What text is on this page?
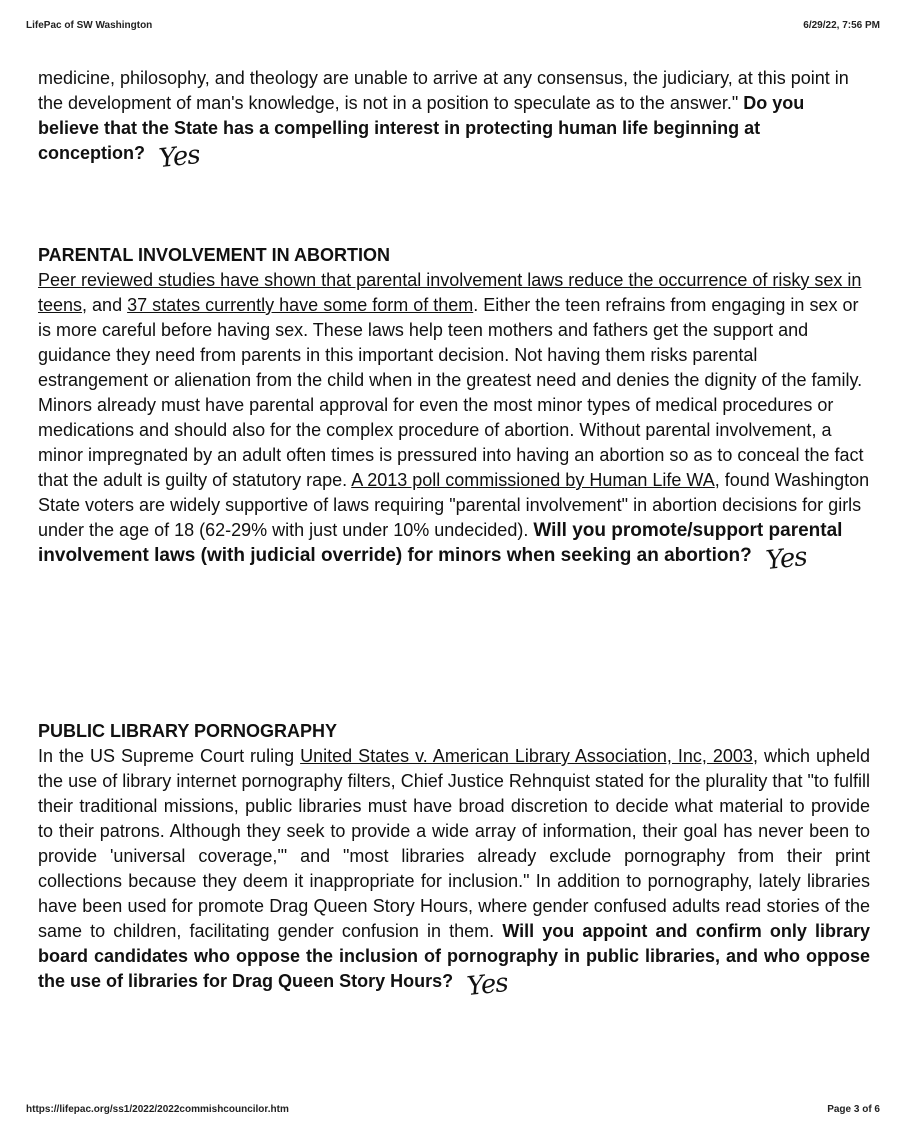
LifePac of SW Washington	6/29/22, 7:56 PM
medicine, philosophy, and theology are unable to arrive at any consensus, the judiciary, at this point in the development of man's knowledge, is not in a position to speculate as to the answer." Do you believe that the State has a compelling interest in protecting human life beginning at conception? Yes
PARENTAL INVOLVEMENT IN ABORTION
Peer reviewed studies have shown that parental involvement laws reduce the occurrence of risky sex in teens, and 37 states currently have some form of them. Either the teen refrains from engaging in sex or is more careful before having sex. These laws help teen mothers and fathers get the support and guidance they need from parents in this important decision. Not having them risks parental estrangement or alienation from the child when in the greatest need and denies the dignity of the family. Minors already must have parental approval for even the most minor types of medical procedures or medications and should also for the complex procedure of abortion. Without parental involvement, a minor impregnated by an adult often times is pressured into having an abortion so as to conceal the fact that the adult is guilty of statutory rape. A 2013 poll commissioned by Human Life WA, found Washington State voters are widely supportive of laws requiring "parental involvement" in abortion decisions for girls under the age of 18 (62-29% with just under 10% undecided). Will you promote/support parental involvement laws (with judicial override) for minors when seeking an abortion? Yes
PUBLIC LIBRARY PORNOGRAPHY
In the US Supreme Court ruling United States v. American Library Association, Inc, 2003, which upheld the use of library internet pornography filters, Chief Justice Rehnquist stated for the plurality that "to fulfill their traditional missions, public libraries must have broad discretion to decide what material to provide to their patrons. Although they seek to provide a wide array of information, their goal has never been to provide 'universal coverage,'" and "most libraries already exclude pornography from their print collections because they deem it inappropriate for inclusion." In addition to pornography, lately libraries have been used for promote Drag Queen Story Hours, where gender confused adults read stories of the same to children, facilitating gender confusion in them. Will you appoint and confirm only library board candidates who oppose the inclusion of pornography in public libraries, and who oppose the use of libraries for Drag Queen Story Hours? Yes
https://lifepac.org/ss1/2022/2022commishcouncilor.htm	Page 3 of 6
